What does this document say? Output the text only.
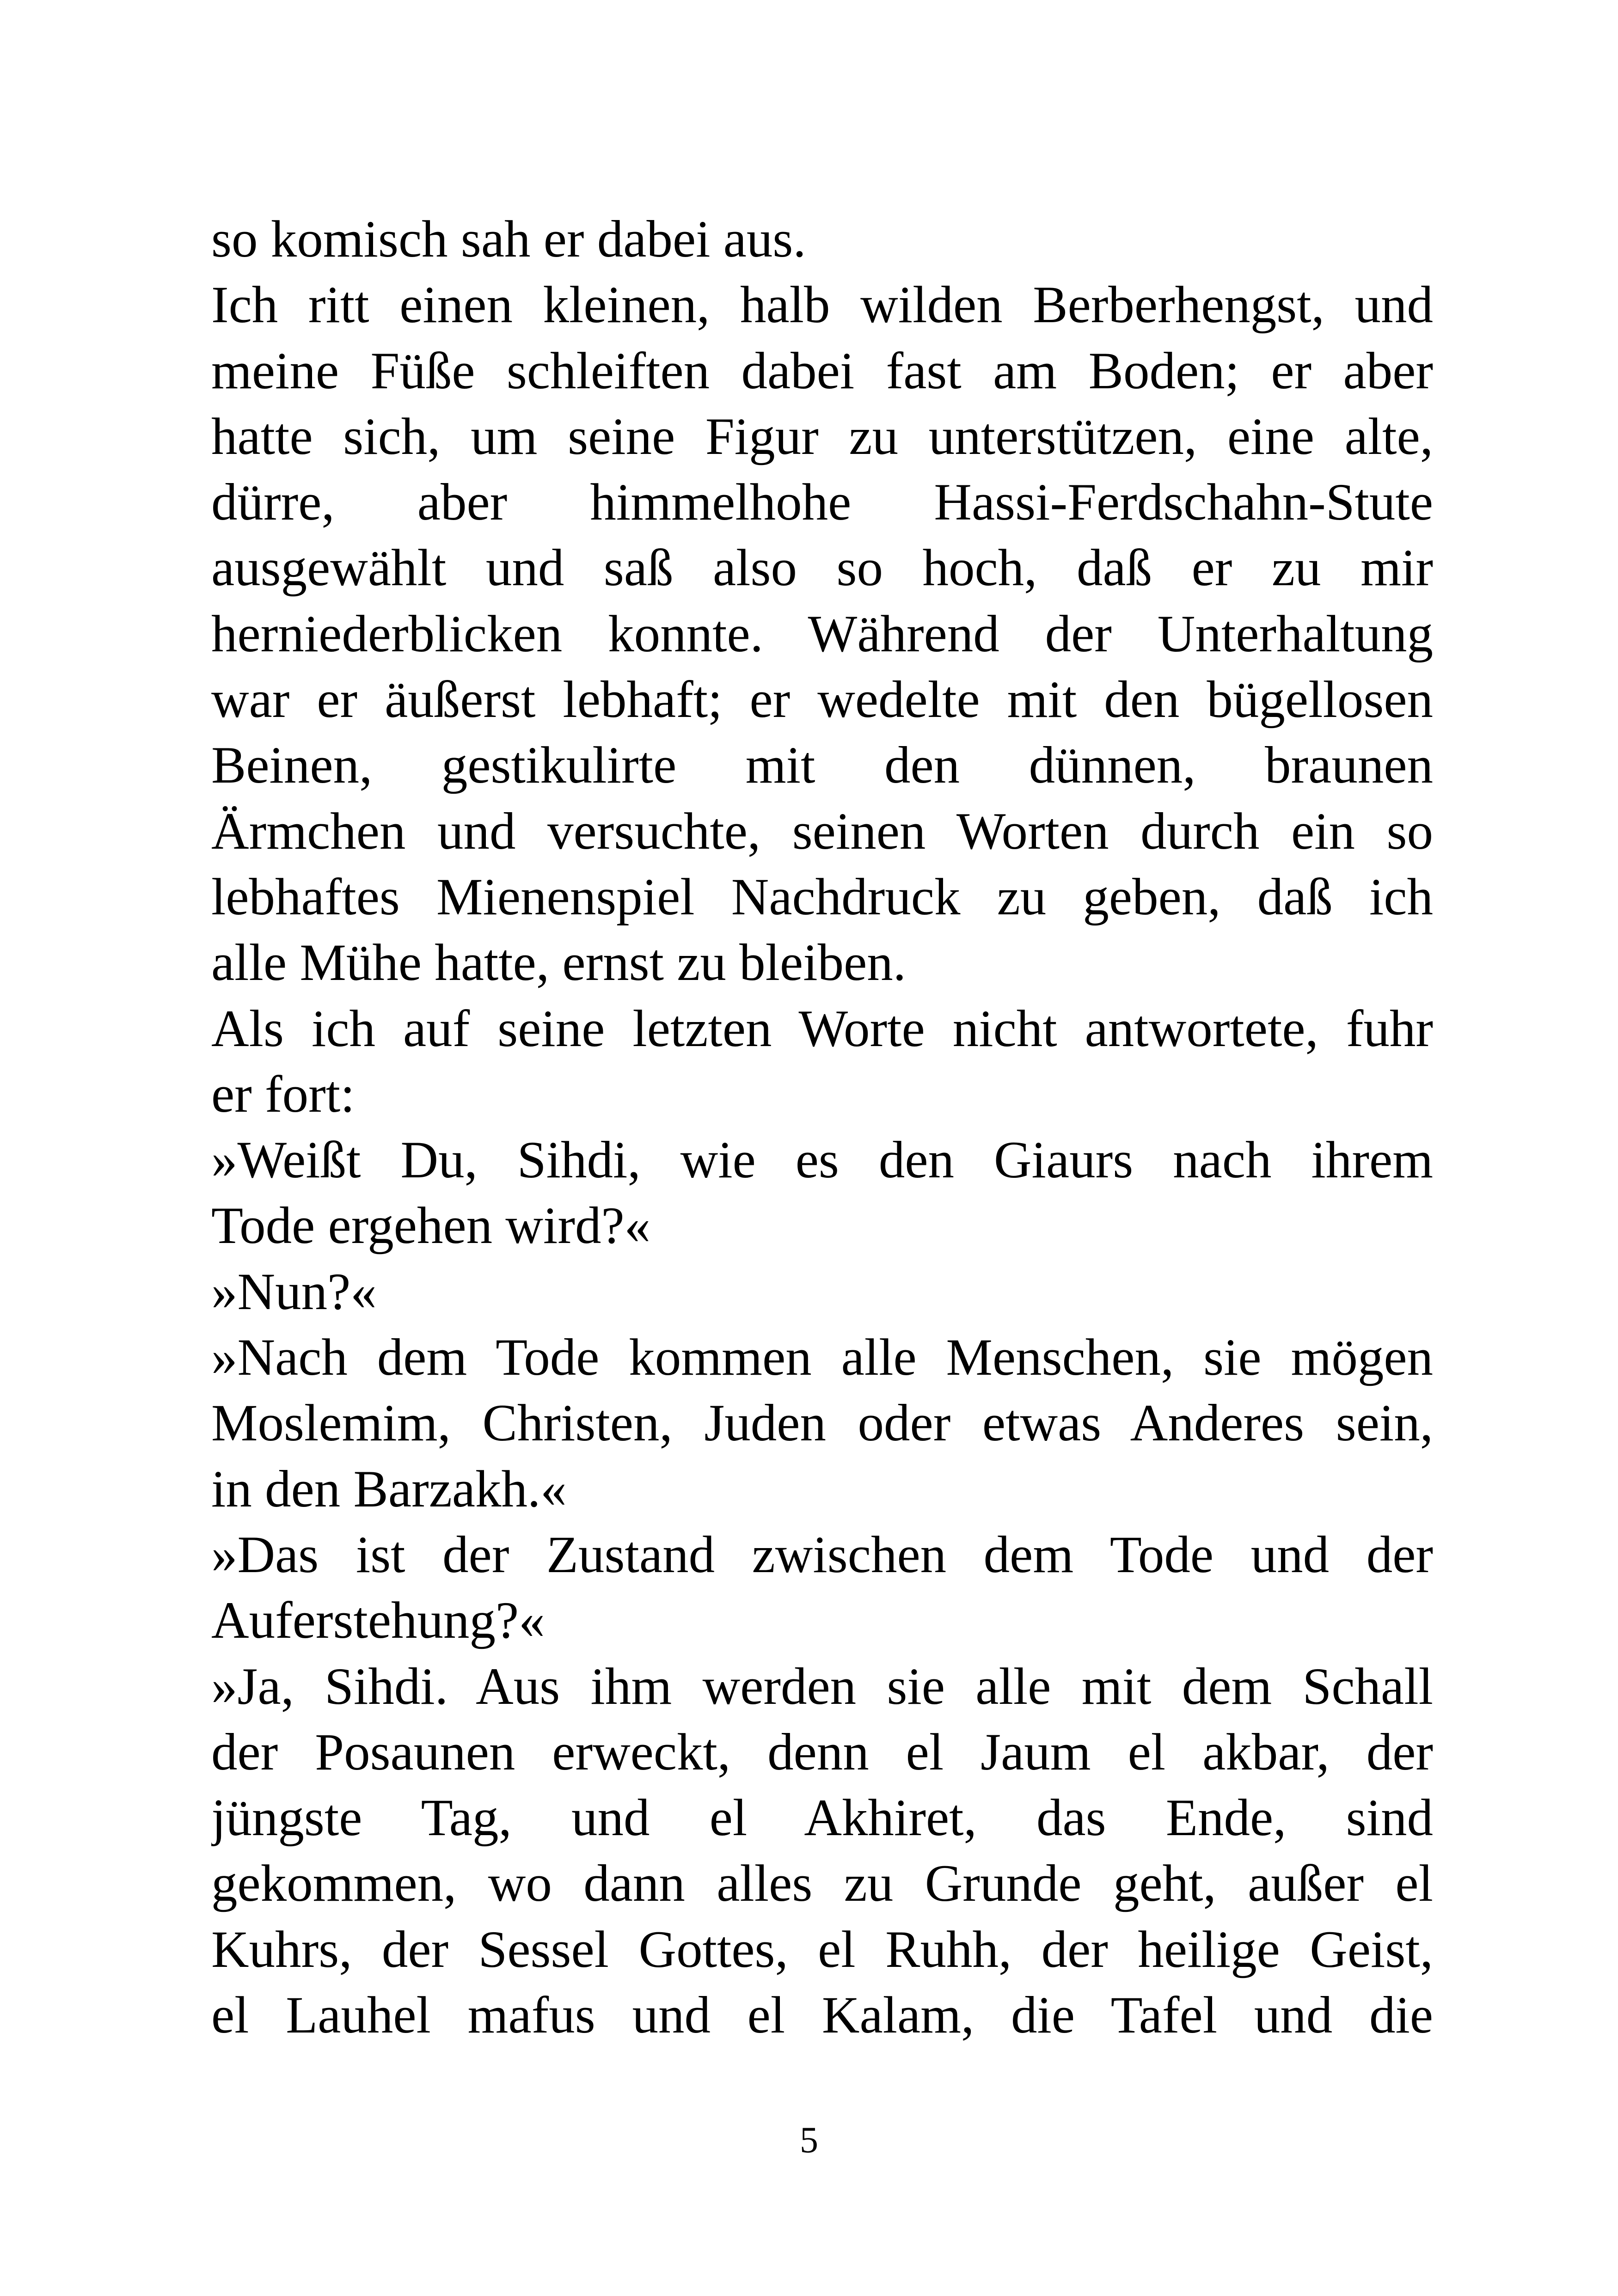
so komisch sah er dabei aus.
Ich ritt einen kleinen, halb wilden Berberhengst, und
meine Füße schleiften dabei fast am Boden; er aber
hatte sich, um seine Figur zu unterstützen, eine alte,
dürre, aber himmelhohe Hassi-Ferdschahn-Stute
ausgewählt und saß also so hoch, daß er zu mir
herniederblicken konnte. Während der Unterhaltung
war er äußerst lebhaft; er wedelte mit den bügellosen
Beinen, gestikulirte mit den dünnen, braunen
Ärmchen und versuchte, seinen Worten durch ein so
lebhaftes Mienenspiel Nachdruck zu geben, daß ich
alle Mühe hatte, ernst zu bleiben.
Als ich auf seine letzten Worte nicht antwortete, fuhr
er fort:
»Weißt Du, Sihdi, wie es den Giaurs nach ihrem
Tode ergehen wird?«
»Nun?«
»Nach dem Tode kommen alle Menschen, sie mögen
Moslemim, Christen, Juden oder etwas Anderes sein,
in den Barzakh.«
»Das ist der Zustand zwischen dem Tode und der
Auferstehung?«
»Ja, Sihdi. Aus ihm werden sie alle mit dem Schall
der Posaunen erweckt, denn el Jaum el akbar, der
jüngste Tag, und el Akhiret, das Ende, sind
gekommen, wo dann alles zu Grunde geht, außer el
Kuhrs, der Sessel Gottes, el Ruhh, der heilige Geist,
el Lauhel mafus und el Kalam, die Tafel und die
5
